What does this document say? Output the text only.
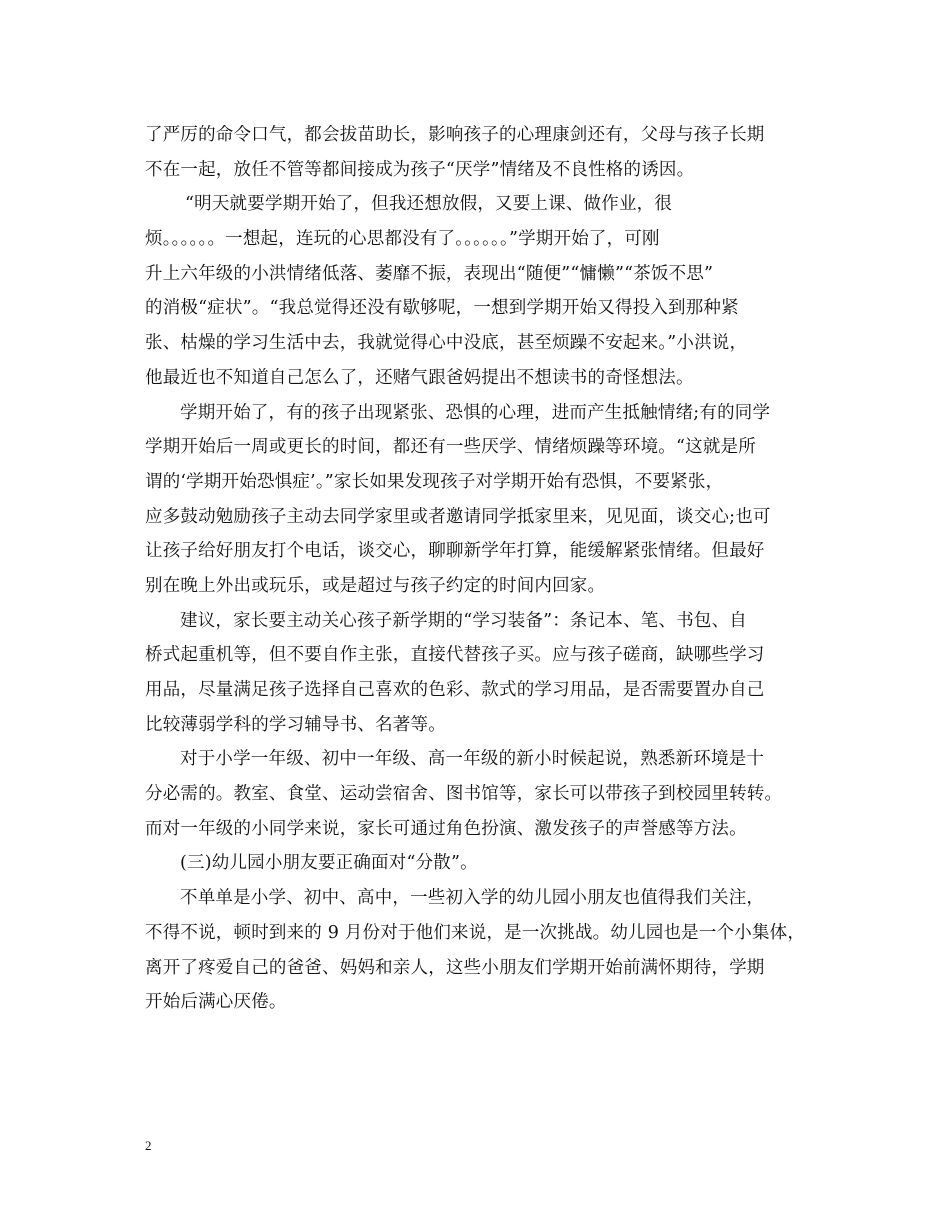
了严厉的命令口气，都会拔苗助长，影响孩子的心理康剑还有，父母与孩子长期
不在一起，放任不管等都间接成为孩子“厌学”情绪及不良性格的诱因。
“明天就要学期开始了，但我还想放假，又要上课、做作业，很
烦。。。。。。一想起，连玩的心思都没有了。。。。。。”学期开始了，可刚
升上六年级的小洪情绪低落、萎靡不振，表现出“随便”“慵懒”“茶饭不思”
的消极“症状”。“我总觉得还没有歇够呢，一想到学期开始又得投入到那种紧
张、枯燥的学习生活中去，我就觉得心中没底，甚至烦躁不安起来。”小洪说，
他最近也不知道自己怎么了，还赌气跟爸妈提出不想读书的奇怪想法。
学期开始了，有的孩子出现紧张、恐惧的心理，进而产生抵触情绪;有的同学
学期开始后一周或更长的时间，都还有一些厌学、情绪烦躁等环境。“这就是所
谓的‘学期开始恐惧症’。”家长如果发现孩子对学期开始有恐惧，不要紧张，
应多鼓动勉励孩子主动去同学家里或者邀请同学抵家里来，见见面，谈交心;也可
让孩子给好朋友打个电话，谈交心，聊聊新学年打算，能缓解紧张情绪。但最好
别在晚上外出或玩乐，或是超过与孩子约定的时间内回家。
建议，家长要主动关心孩子新学期的“学习装备”：条记本、笔、书包、自
桥式起重机等，但不要自作主张，直接代替孩子买。应与孩子磋商，缺哪些学习
用品，尽量满足孩子选择自己喜欢的色彩、款式的学习用品，是否需要置办自己
比较薄弱学科的学习辅导书、名著等。
对于小学一年级、初中一年级、高一年级的新小时候起说，熟悉新环境是十
分必需的。教室、食堂、运动尝宿舍、图书馆等，家长可以带孩子到校园里转转。
而对一年级的小同学来说，家长可通过角色扮演、激发孩子的声誉感等方法。
(三)幼儿园小朋友要正确面对“分散”。
不单单是小学、初中、高中，一些初入学的幼儿园小朋友也值得我们关注，
不得不说，顿时到来的 9 月份对于他们来说，是一次挑战。幼儿园也是一个小集体，
离开了疼爱自己的爸爸、妈妈和亲人，这些小朋友们学期开始前满怀期待，学期
开始后满心厌倦。
2
